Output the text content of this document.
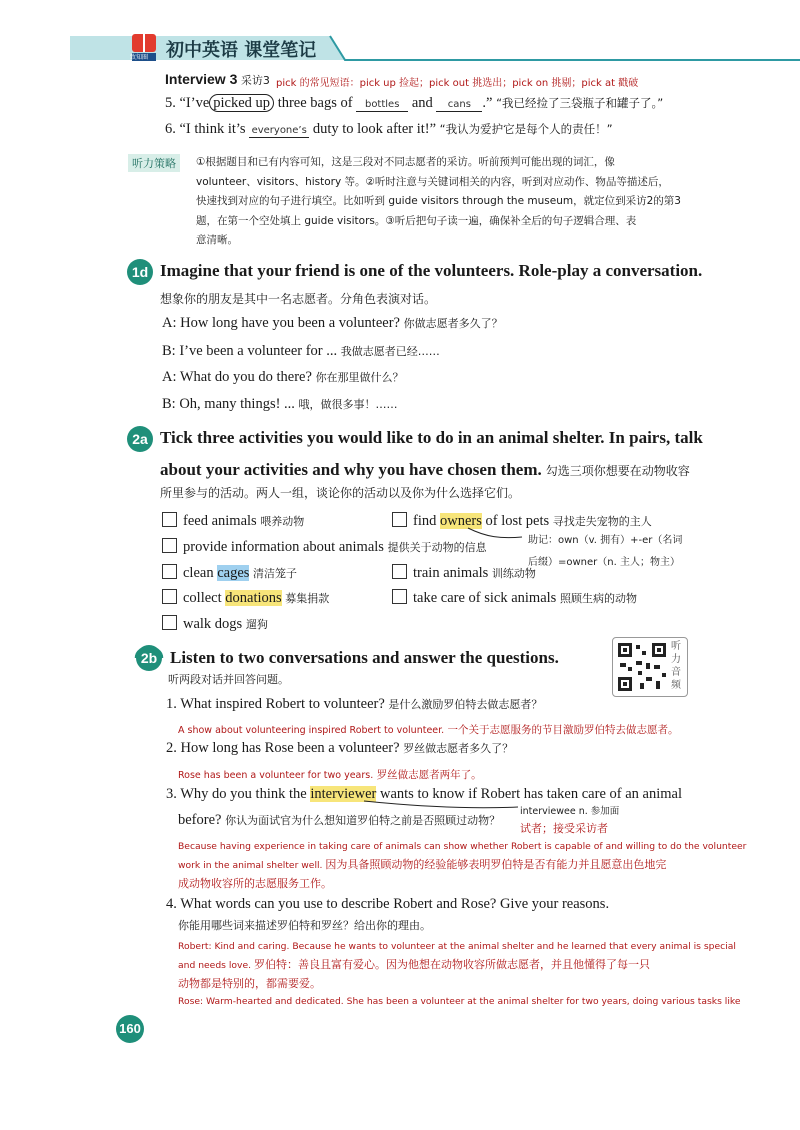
致知圈 初中英语 课堂笔记
Interview 3 采访3 pick 的常见短语：pick up 捡起；pick out 挑选出；pick on 挑剔；pick at 戳破
5. “I’ve picked up three bags of bottles and cans .” “我已经捡了三袋瓶子和罐子了。”
6. “I think it’s everyone’s duty to look after it!” “我认为爱护它是每个人的责任！”
听力策略	①根据题目和已有内容可知，这是三段对不同志愿者的采访。听前预判可能出现的词汇，像
volunteer、visitors、history 等。②听时注意与关键词相关的内容，听到对应动作、物品等描述后，
快速找到对应的句子进行填空。比如听到 guide visitors through the museum，就定位到采访2的第3
题，在第一个空处填上 guide visitors。③听后把句子读一遍，确保补全后的句子逻辑合理、表
意清晰。
1d Imagine that your friend is one of the volunteers. Role-play a conversation.
想象你的朋友是其中一名志愿者。分角色表演对话。
A: How long have you been a volunteer? 你做志愿者多久了？
B: I’ve been a volunteer for ... 我做志愿者已经……
A: What do you do there? 你在那里做什么？
B: Oh, many things! ... 哦，做很多事！……
2a Tick three activities you would like to do in an animal shelter. In pairs, talk
about your activities and why you have chosen them. 勾选三项你想要在动物收容
所里参与的活动。两人一组，谈论你的活动以及你为什么选择它们。
feed animals 喂养动物
provide information about animals 提供关于动物的信息
clean cages 清洁笼子
collect donations 募集捐款
walk dogs 遛狗
find owners of lost pets 寻找走失宠物的主人
助记：own（v. 拥有）+-er（名词
后缀）=owner（n. 主人；物主）
train animals 训练动物
take care of sick animals 照顾生病的动物
2b Listen to two conversations and answer the questions.
听两段对话并回答问题。
听力音频
1. What inspired Robert to volunteer? 是什么激励罗伯特去做志愿者？
A show about volunteering inspired Robert to volunteer. 一个关于志愿服务的节目激励罗伯特去做志愿者。
2. How long has Rose been a volunteer? 罗丝做志愿者多久了？
Rose has been a volunteer for two years. 罗丝做志愿者两年了。
3. Why do you think the interviewer wants to know if Robert has taken care of an animal
before? 你认为面试官为什么想知道罗伯特之前是否照顾过动物？
interviewee n. 参加面
试者；接受采访者
Because having experience in taking care of animals can show whether Robert is capable of and willing to do the volunteer
work in the animal shelter well. 因为具备照顾动物的经验能够表明罗伯特是否有能力并且愿意出色地完
成动物收容所的志愿服务工作。
4. What words can you use to describe Robert and Rose? Give your reasons.
你能用哪些词来描述罗伯特和罗丝？给出你的理由。
Robert: Kind and caring. Because he wants to volunteer at the animal shelter and he learned that every animal is special
and needs love. 罗伯特：善良且富有爱心。因为他想在动物收容所做志愿者，并且他懂得了每一只
动物都是特别的，都需要爱。
Rose: Warm-hearted and dedicated. She has been a volunteer at the animal shelter for two years, doing various tasks like
160
